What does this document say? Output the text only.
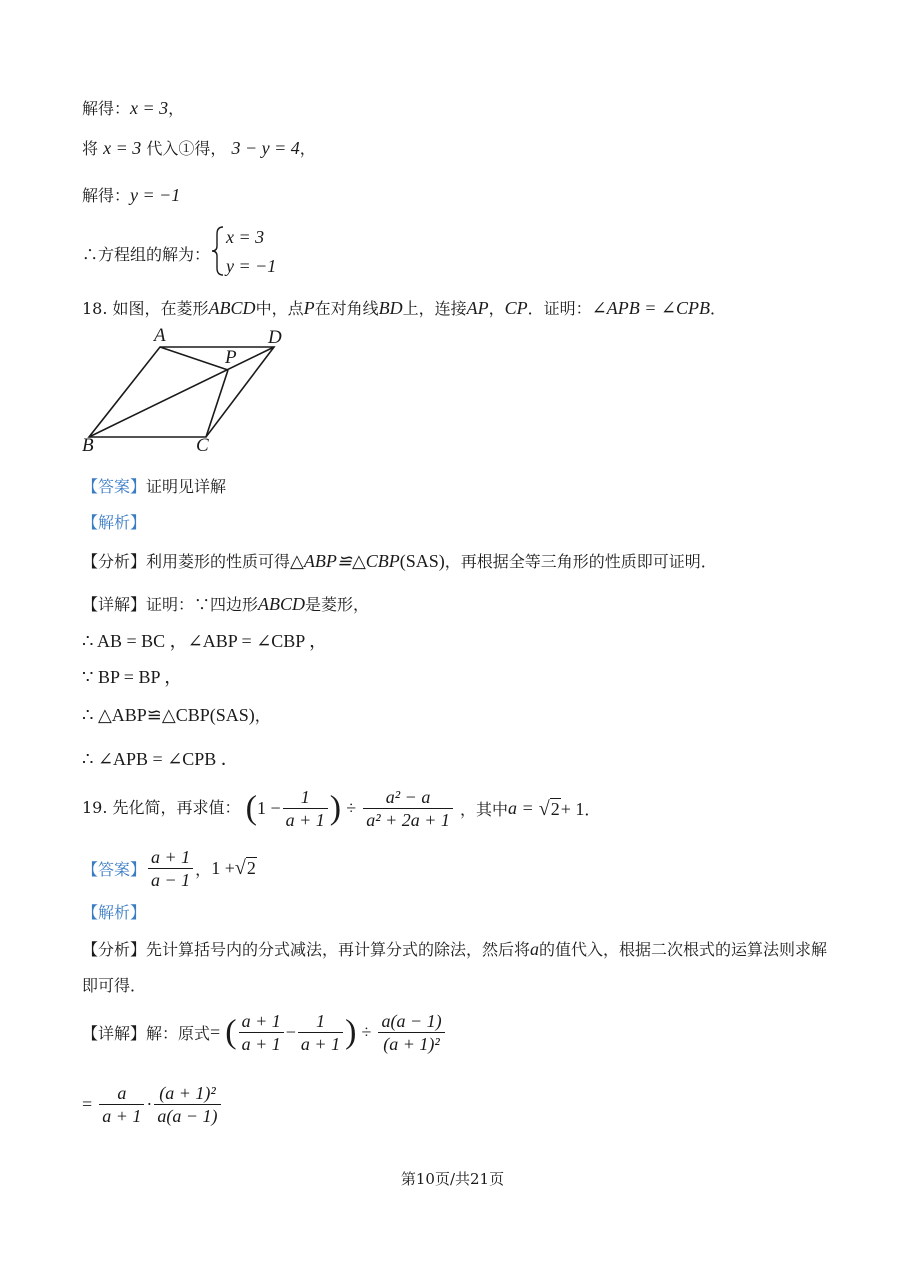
解得：x = 3，
将 x = 3 代入①得， 3 − y = 4，
解得：y = −1
∴方程组的解为：
x = 3
y = −1
18. 如图，在菱形ABCD中，点P在对角线BD上，连接AP，CP．证明：∠APB = ∠CPB．
A	D
P
B	C
【答案】证明见详解
【解析】
【分析】利用菱形的性质可得△ABP≌△CBP(SAS)，再根据全等三角形的性质即可证明．
【详解】证明：∵四边形ABCD是菱形，
∴ AB = BC ，∠ABP = ∠CBP ，
∵ BP = BP ，
∴ △ABP≌△CBP(SAS)，
∴ ∠APB = ∠CPB ．
19. 先化简，再求值： ($1 - \frac{1}{a + 1}$ ) ÷ $\frac{\text{a² − a}}{\text{a² + 2a + 1}}$ ，其中a = √2+ 1．
【答案】 $\frac{a + 1}{a - 1}$ ，1 +√2
【解析】
【分析】先计算括号内的分式减法，再计算分式的除法，然后将a的值代入，根据二次根式的运算法则求解
即可得．
【详解】解：原式= ( $\frac{a + 1}{a + 1} - \frac{1}{a + 1}$ ) ÷ $\frac{a(a - 1)}{\text{(a + 1)²}}$
= $\frac{a}{a + 1} \cdot \frac{\text{(a + 1)²}}{a(a - 1)}$
第10页/共21页
